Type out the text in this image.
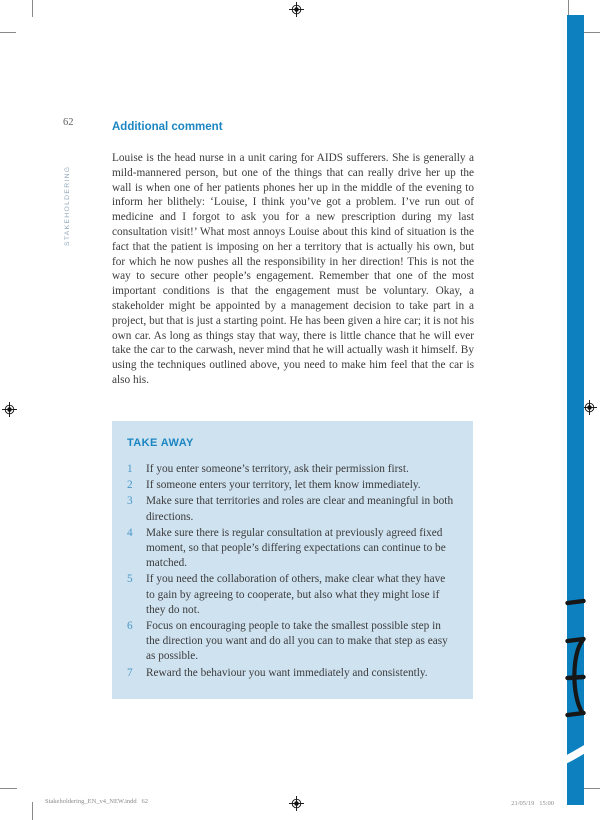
62
STAKEHOLDERING
Additional comment
Louise is the head nurse in a unit caring for AIDS sufferers. She is generally a mild-mannered person, but one of the things that can really drive her up the wall is when one of her patients phones her up in the middle of the evening to inform her blithely: ‘Louise, I think you’ve got a problem. I’ve run out of medicine and I forgot to ask you for a new prescription during my last consultation visit!’ What most annoys Louise about this kind of situation is the fact that the patient is imposing on her a territory that is actually his own, but for which he now pushes all the responsibility in her direction! This is not the way to secure other people’s engagement. Remember that one of the most important conditions is that the engagement must be voluntary. Okay, a stakeholder might be appointed by a management decision to take part in a project, but that is just a starting point. He has been given a hire car; it is not his own car. As long as things stay that way, there is little chance that he will ever take the car to the carwash, never mind that he will actually wash it himself. By using the techniques outlined above, you need to make him feel that the car is also his.
TAKE AWAY
1	If you enter someone’s territory, ask their permission first.
2	If someone enters your territory, let them know immediately.
3	Make sure that territories and roles are clear and meaningful in both directions.
4	Make sure there is regular consultation at previously agreed fixed moment, so that people’s differing expectations can continue to be matched.
5	If you need the collaboration of others, make clear what they have to gain by agreeing to cooperate, but also what they might lose if they do not.
6	Focus on encouraging people to take the smallest possible step in the direction you want and do all you can to make that step as easy as possible.
7	Reward the behaviour you want immediately and consistently.
Stakeholdering_EN_v4_NEW.indd   62	21/05/19   15:00
